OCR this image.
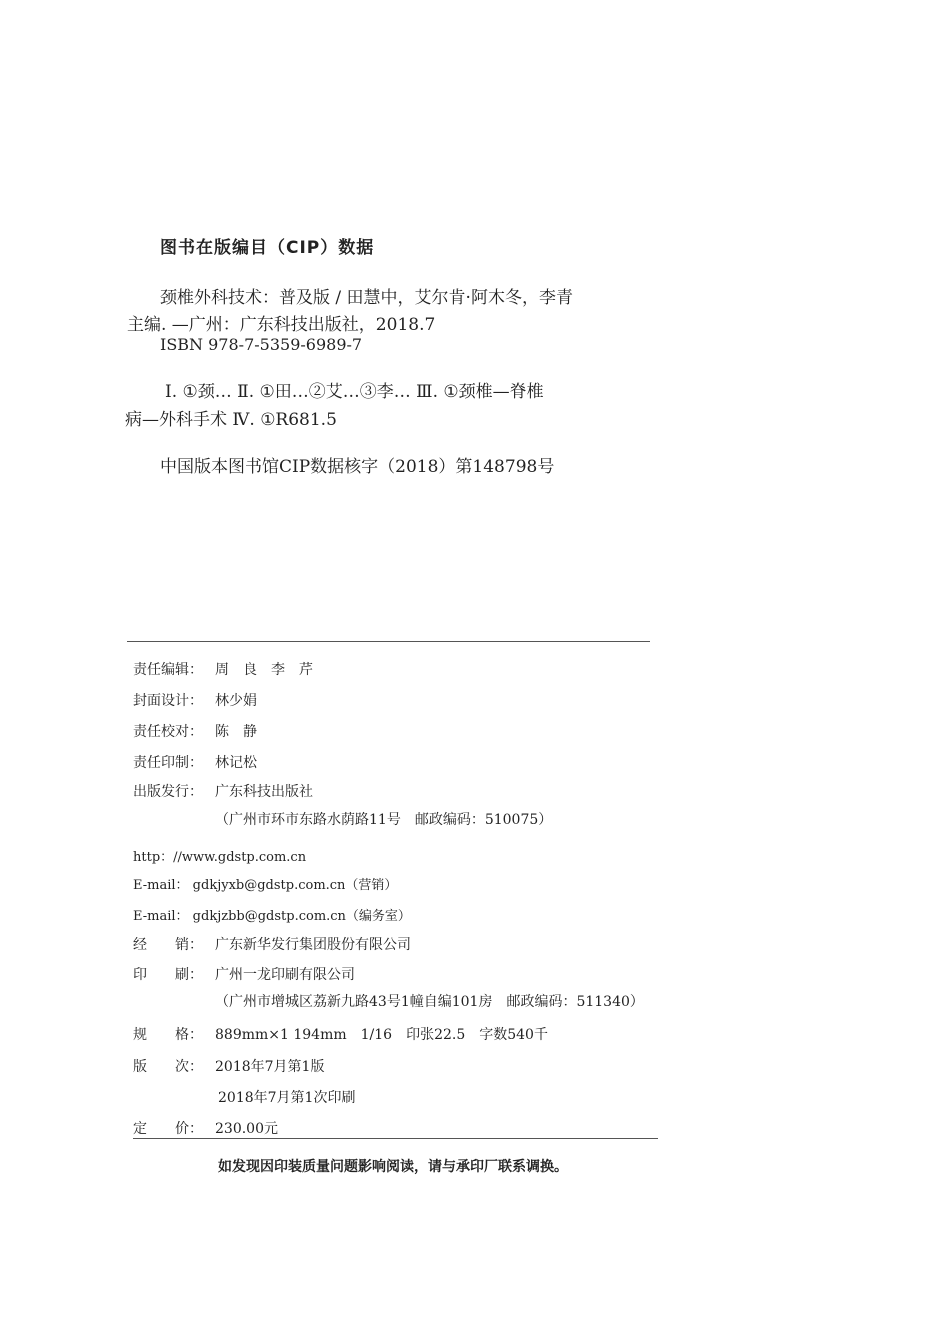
图书在版编目（CIP）数据
颈椎外科技术：普及版 / 田慧中，艾尔肯·阿木冬，李青
主编. —广州：广东科技出版社，2018.7
ISBN 978-7-5359-6989-7
Ⅰ. ①颈… Ⅱ. ①田…②艾…③李… Ⅲ. ①颈椎—脊椎
病—外科手术 Ⅳ. ①R681.5
中国版本图书馆CIP数据核字（2018）第148798号
责任编辑： 周　良　李　芹
封面设计： 林少娟
责任校对： 陈　静
责任印制： 林记松
出版发行： 广东科技出版社
（广州市环市东路水荫路11号　邮政编码：510075）
http：//www.gdstp.com.cn
E-mail： gdkjyxb@gdstp.com.cn（营销）
E-mail： gdkjzbb@gdstp.com.cn（编务室）
经　　销： 广东新华发行集团股份有限公司
印　　刷： 广州一龙印刷有限公司
（广州市增城区荔新九路43号1幢自编101房　邮政编码：511340）
规　　格： 889mm×1 194mm　1/16　印张22.5　字数540千
版　　次： 2018年7月第1版
2018年7月第1次印刷
定　　价： 230.00元
如发现因印装质量问题影响阅读，请与承印厂联系调换。
